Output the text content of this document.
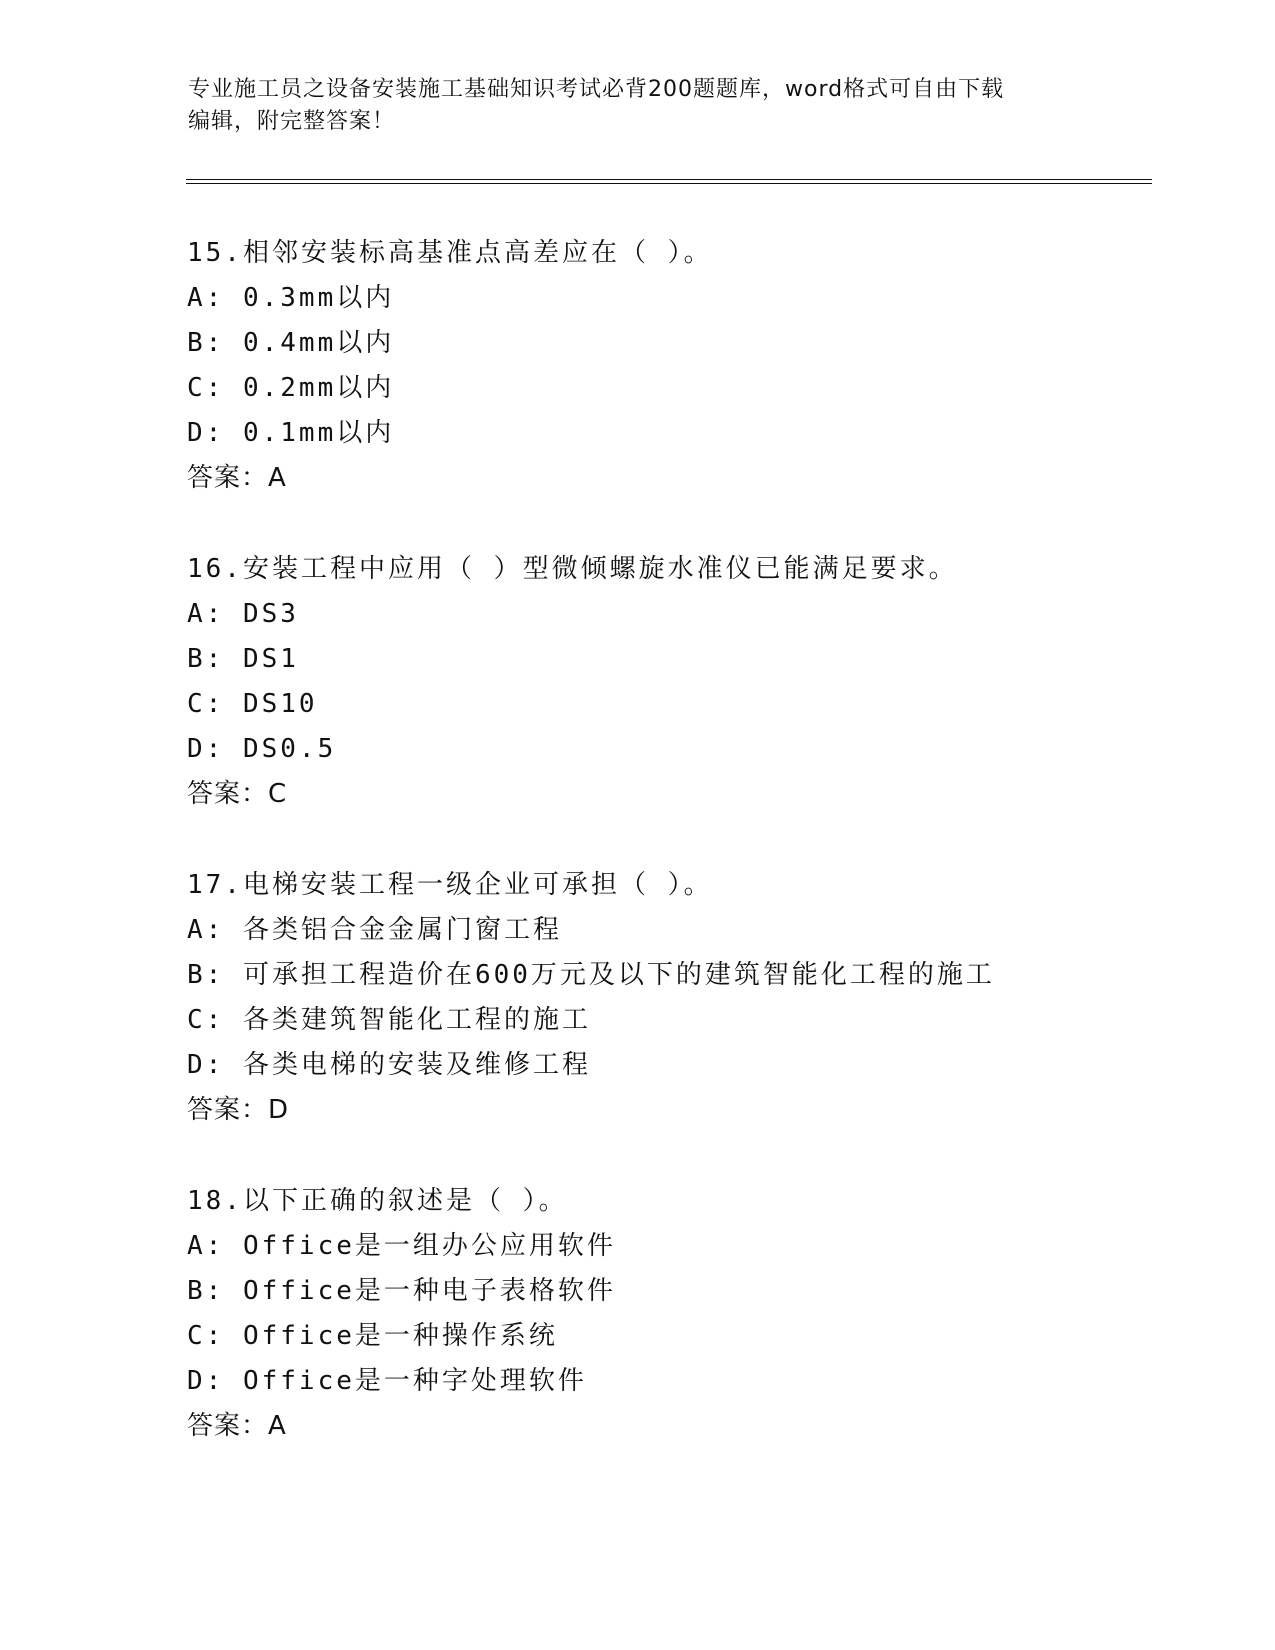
专业施工员之设备安装施工基础知识考试必背200题题库，word格式可自由下载
编辑，附完整答案！
15.相邻安装标高基准点高差应在（ ）。
A: 0.3mm以内
B: 0.4mm以内
C: 0.2mm以内
D: 0.1mm以内
答案：A
16.安装工程中应用（ ）型微倾螺旋水准仪已能满足要求。
A: DS3
B: DS1
C: DS10
D: DS0.5
答案：C
17.电梯安装工程一级企业可承担（ ）。
A: 各类铝合金金属门窗工程
B: 可承担工程造价在600万元及以下的建筑智能化工程的施工
C: 各类建筑智能化工程的施工
D: 各类电梯的安装及维修工程
答案：D
18.以下正确的叙述是（ ）。
A: Office是一组办公应用软件
B: Office是一种电子表格软件
C: Office是一种操作系统
D: Office是一种字处理软件
答案：A
